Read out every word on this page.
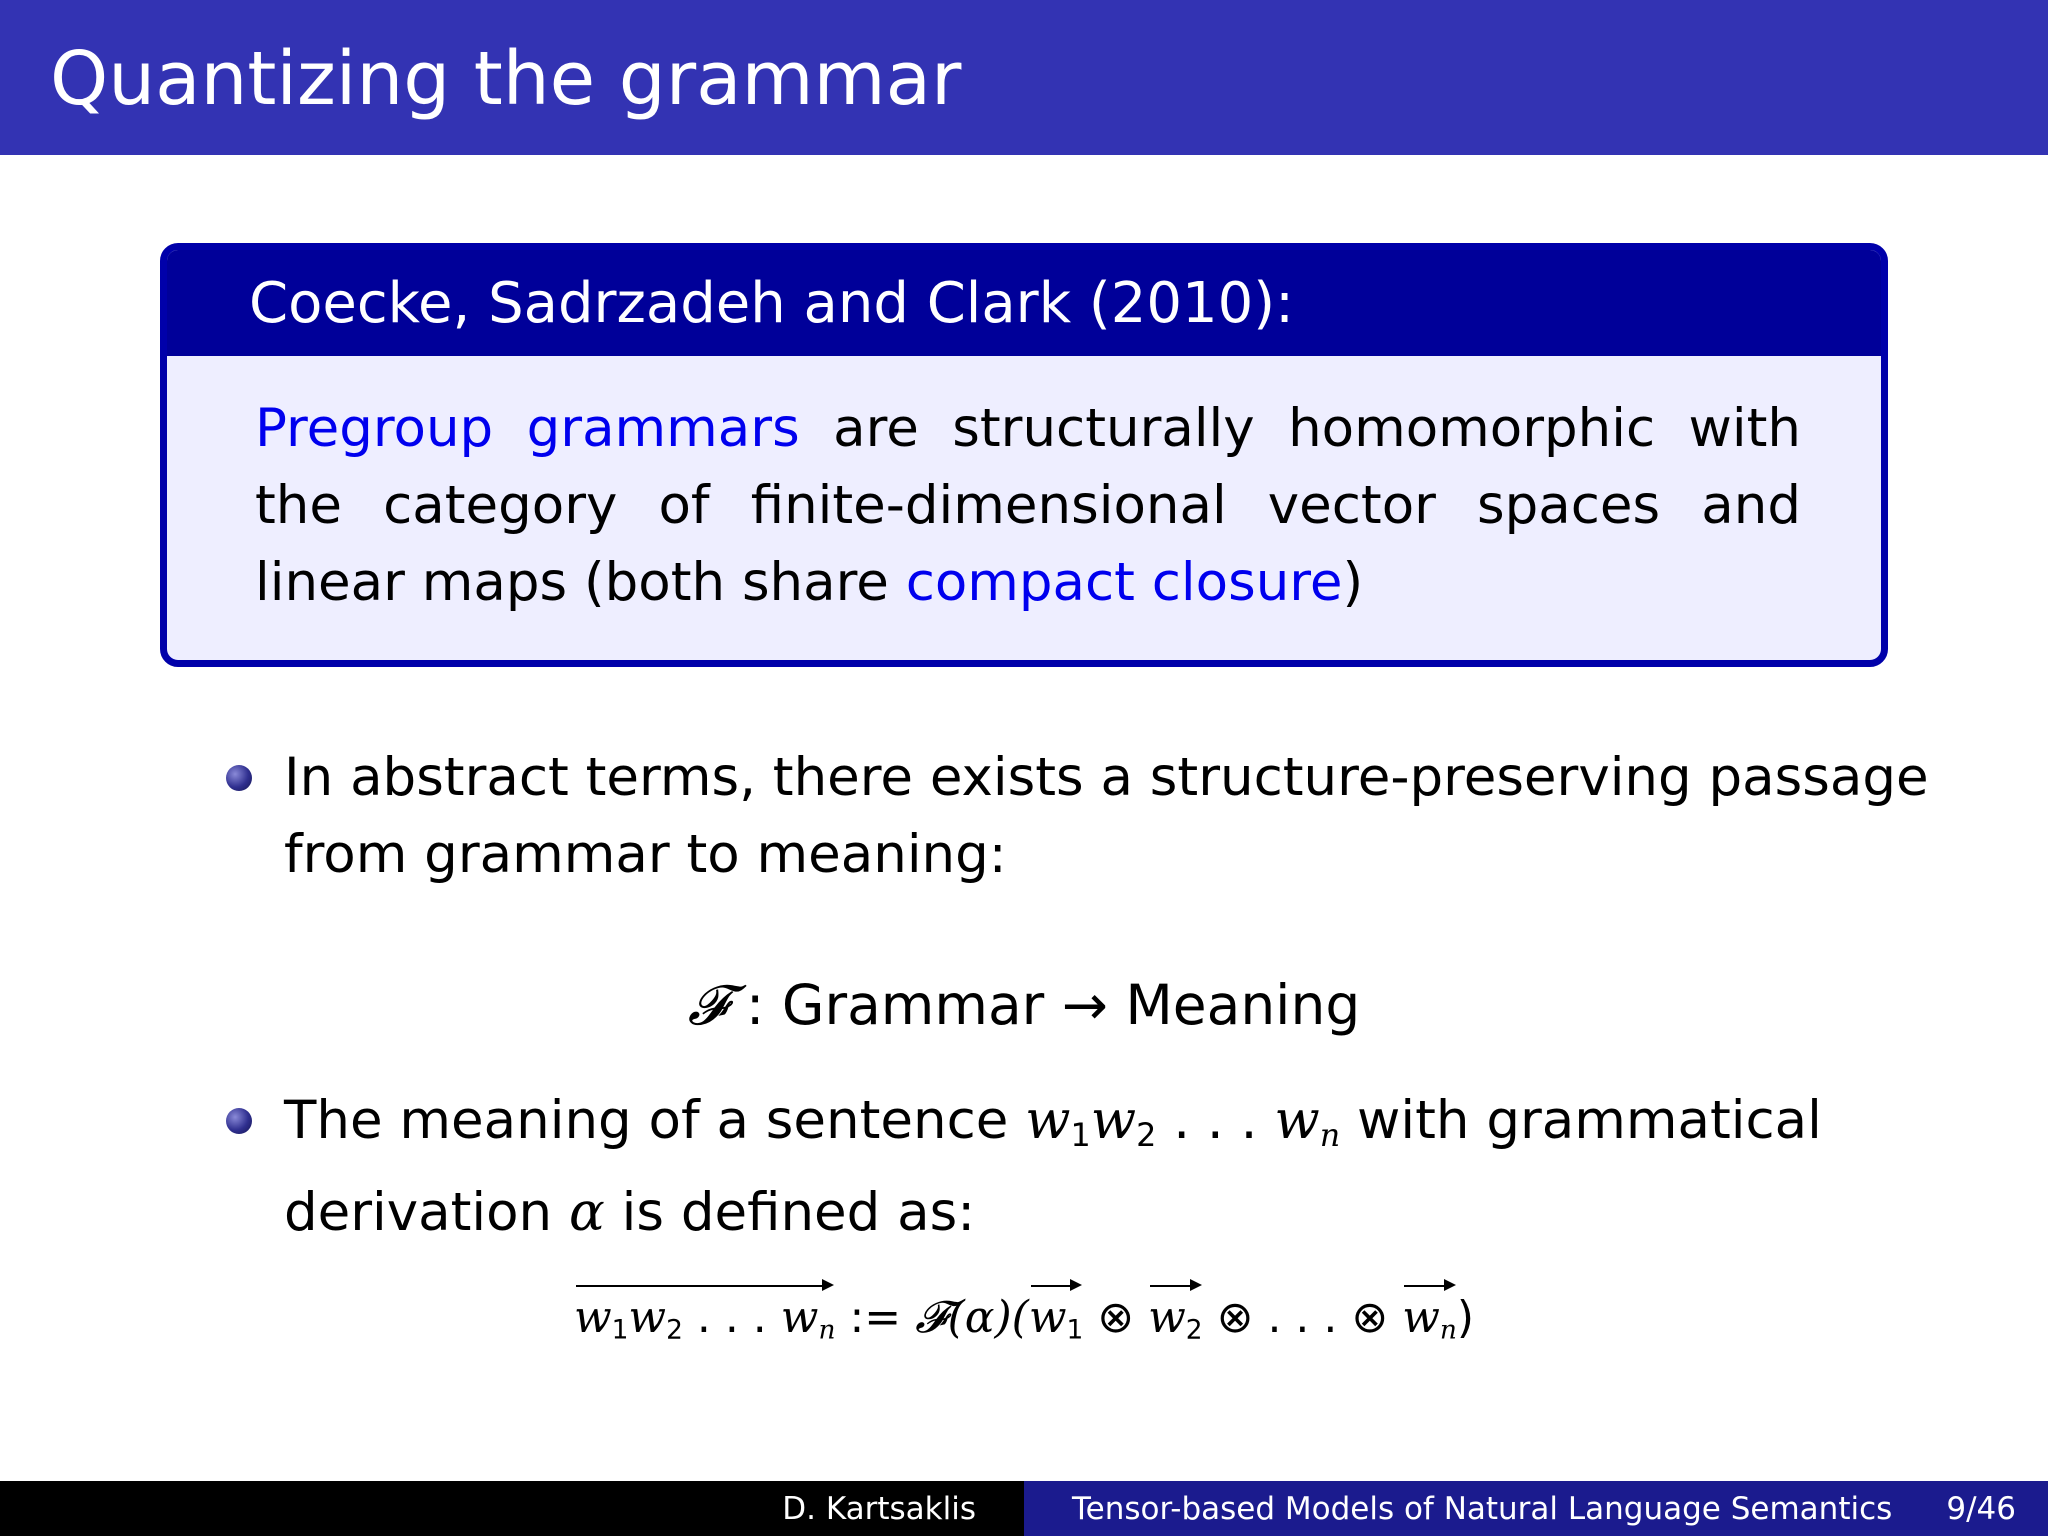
Quantizing the grammar
Coecke, Sadrzadeh and Clark (2010):
Pregroup grammars are structurally homomorphic with the category of finite-dimensional vector spaces and linear maps (both share compact closure)
In abstract terms, there exists a structure-preserving passage
from grammar to meaning:
𝓕 : Grammar → Meaning
The meaning of a sentence $w_1w_2$ . . . $w_n$ with grammatical
derivation α is defined as:
$w_1w_2$ . . . $w_n$ := $𝓕(\alpha)(w_1$ ⊗ $w_2$ ⊗ . . . ⊗ $w_n$)
D. Kartsaklis	Tensor-based Models of Natural Language Semantics 9/46
